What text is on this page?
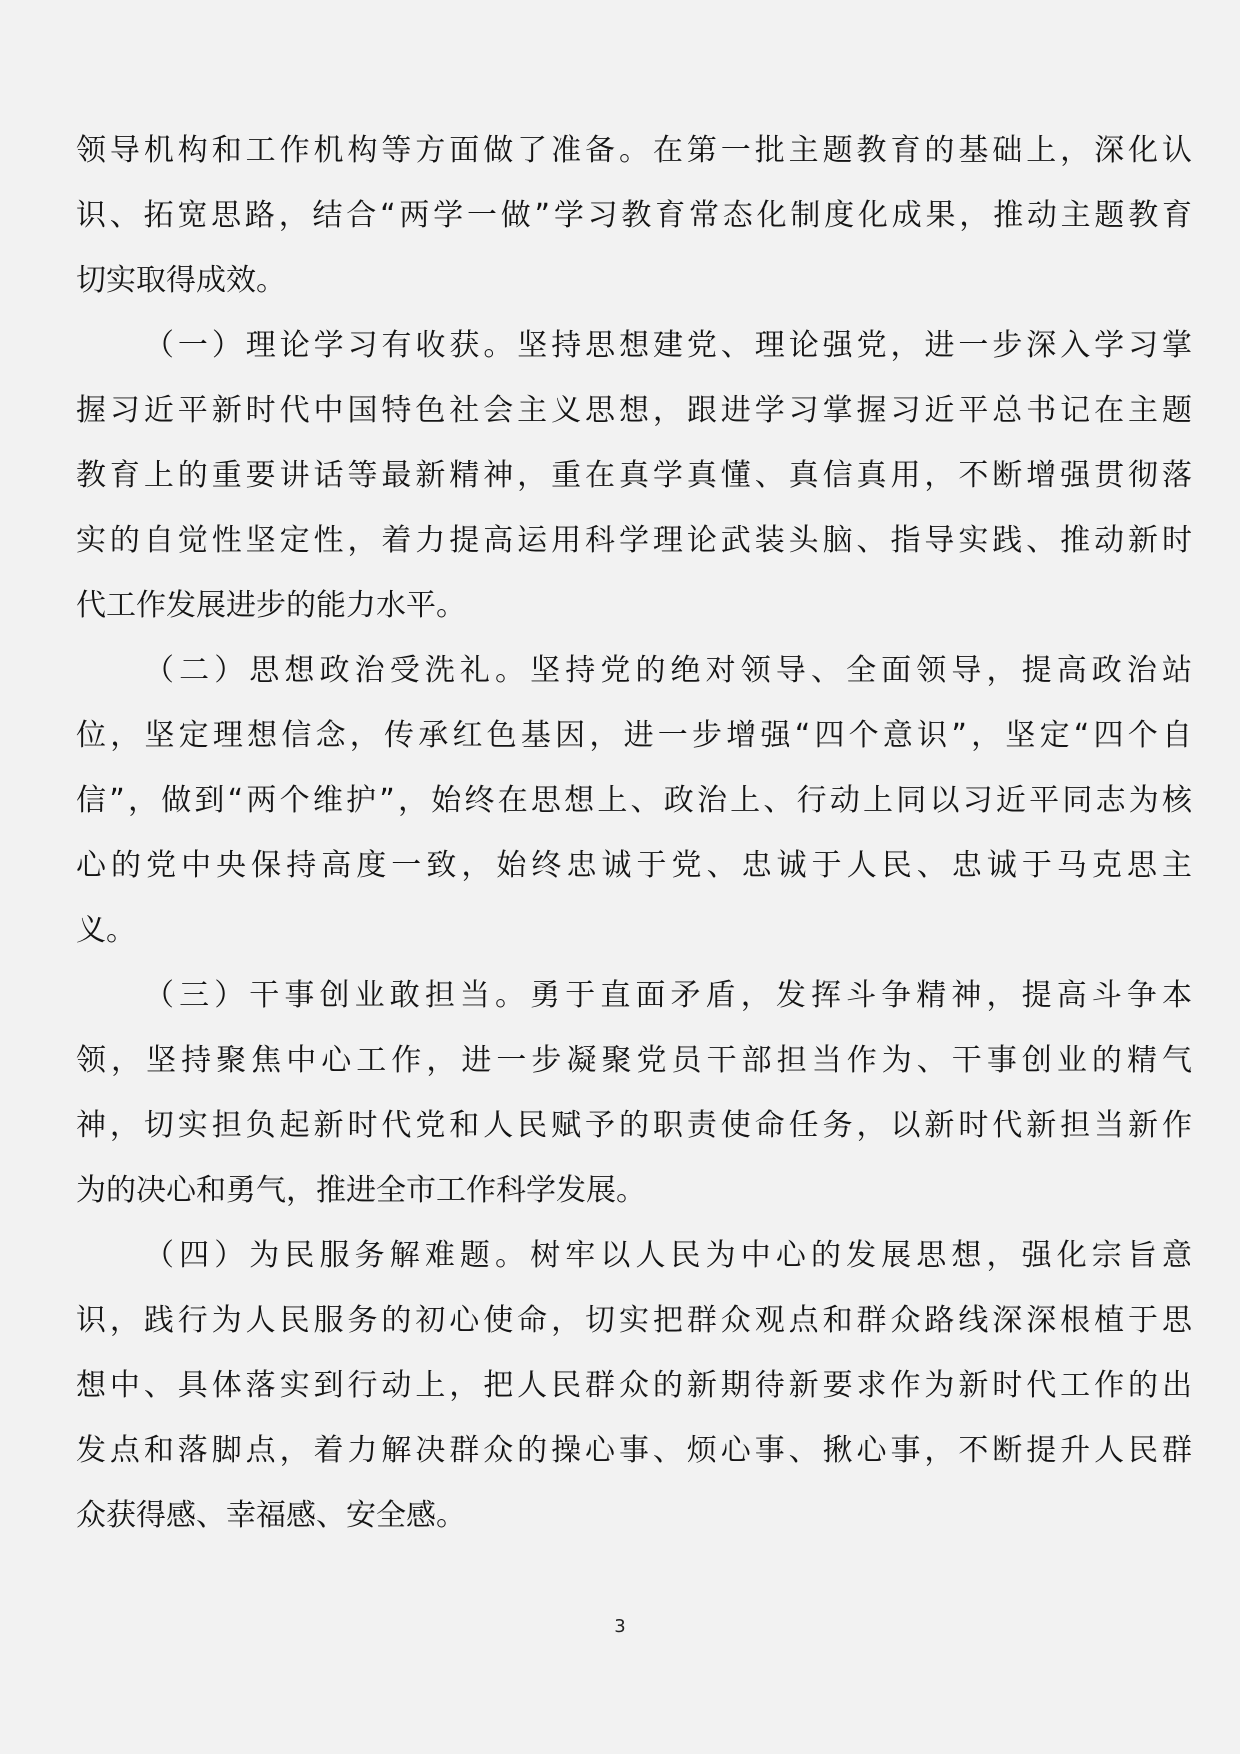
领导机构和工作机构等方面做了准备。在第一批主题教育的基础上，深化认
识、拓宽思路，结合“两学一做”学习教育常态化制度化成果，推动主题教育
切实取得成效。
（一）理论学习有收获。坚持思想建党、理论强党，进一步深入学习掌
握习近平新时代中国特色社会主义思想，跟进学习掌握习近平总书记在主题
教育上的重要讲话等最新精神，重在真学真懂、真信真用，不断增强贯彻落
实的自觉性坚定性，着力提高运用科学理论武装头脑、指导实践、推动新时
代工作发展进步的能力水平。
（二）思想政治受洗礼。坚持党的绝对领导、全面领导，提高政治站
位，坚定理想信念，传承红色基因，进一步增强“四个意识”，坚定“四个自
信”，做到“两个维护”，始终在思想上、政治上、行动上同以习近平同志为核
心的党中央保持高度一致，始终忠诚于党、忠诚于人民、忠诚于马克思主
义。
（三）干事创业敢担当。勇于直面矛盾，发挥斗争精神，提高斗争本
领，坚持聚焦中心工作，进一步凝聚党员干部担当作为、干事创业的精气
神，切实担负起新时代党和人民赋予的职责使命任务，以新时代新担当新作
为的决心和勇气，推进全市工作科学发展。
（四）为民服务解难题。树牢以人民为中心的发展思想，强化宗旨意
识，践行为人民服务的初心使命，切实把群众观点和群众路线深深根植于思
想中、具体落实到行动上，把人民群众的新期待新要求作为新时代工作的出
发点和落脚点，着力解决群众的操心事、烦心事、揪心事，不断提升人民群
众获得感、幸福感、安全感。
3
